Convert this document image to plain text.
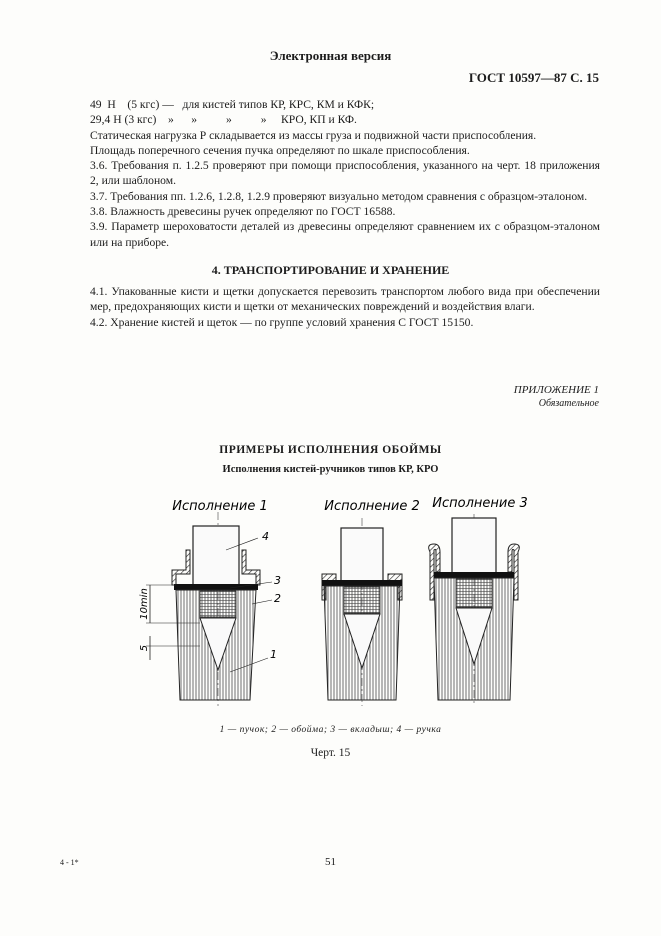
Электронная версия
ГОСТ 10597—87 С. 15

49  Н    (5 кгс) —   для кистей типов КР, КРС, КМ и КФК;

29,4 Н (3 кгс)    »      »          »          »     КРО, КП и КФ.

Статическая нагрузка Р складывается из массы груза и подвижной части приспособления.

Площадь поперечного сечения пучка определяют по шкале приспособления.

3.6. Требования п. 1.2.5 проверяют при помощи приспособления, указанного на черт. 18 приложения 2, или шаблоном.

3.7. Требования пп. 1.2.6, 1.2.8, 1.2.9 проверяют визуально методом сравнения с образцом-эталоном.

3.8. Влажность древесины ручек определяют по ГОСТ 16588.

3.9. Параметр шероховатости деталей из древесины определяют сравнением их с образцом-эталоном или на приборе.

4. ТРАНСПОРТИРОВАНИЕ И ХРАНЕНИЕ

4.1. Упакованные кисти и щетки допускается перевозить транспортом любого вида при обеспечении мер, предохраняющих кисти и щетки от механических повреждений и воздействия влаги.

4.2. Хранение кистей и щеток — по группе условий хранения С ГОСТ 15150.

ПРИЛОЖЕНИЕ 1
Обязательное
ПРИМЕРЫ ИСПОЛНЕНИЯ ОБОЙМЫ
Исполнения кистей-ручников типов КР, КРО
Исполнение 1	Исполнение 2 Исполнение 3
10min
5
4
3
2
1
1 — пучок; 2 — обойма; 3 — вкладыш; 4 — ручка
Черт. 15
4 - 1*	51
